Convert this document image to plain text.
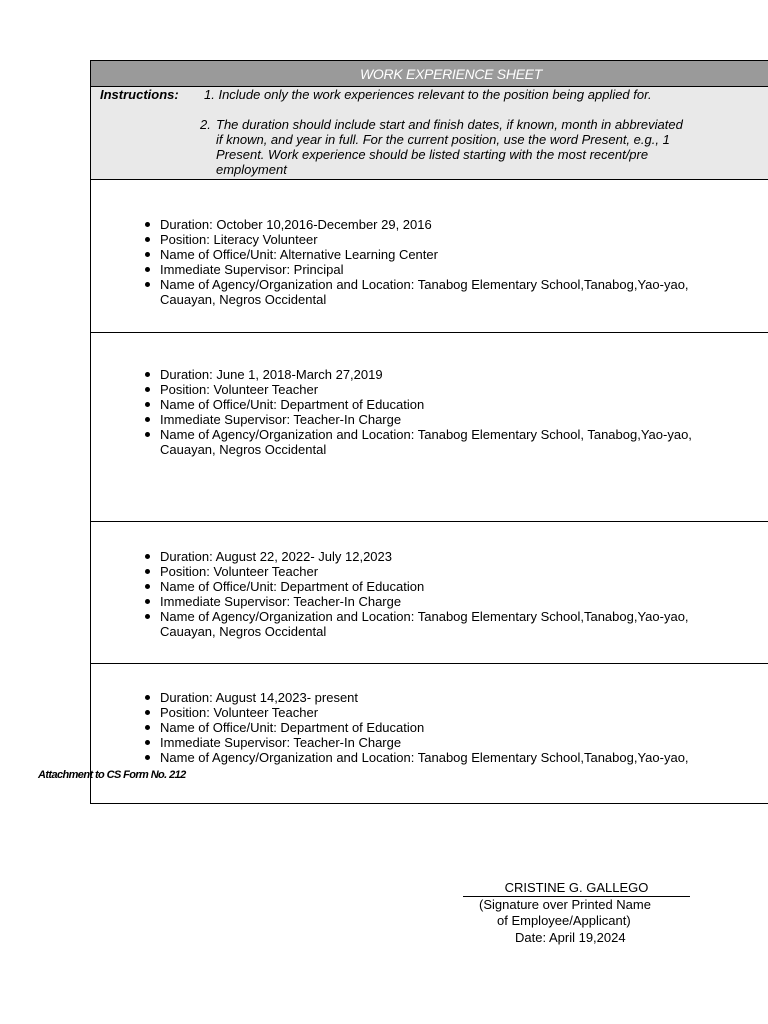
WORK EXPERIENCE SHEET
Instructions: 1. Include only the work experiences relevant to the position being applied for.
2. The duration should include start and finish dates, if known, month in abbreviated
if known, and year in full. For the current position, use the word Present, e.g., 1
Present. Work experience should be listed starting with the most recent/pre
employment
Duration: October 10,2016-December 29, 2016
Position: Literacy Volunteer
Name of Office/Unit: Alternative Learning Center
Immediate Supervisor: Principal
Name of Agency/Organization and Location: Tanabog Elementary School,Tanabog,Yao-yao,
Cauayan, Negros Occidental
Duration: June 1, 2018-March 27,2019
Position: Volunteer Teacher
Name of Office/Unit: Department of Education
Immediate Supervisor: Teacher-In Charge
Name of Agency/Organization and Location: Tanabog Elementary School, Tanabog,Yao-yao,
Cauayan, Negros Occidental
Duration: August 22, 2022- July 12,2023
Position: Volunteer Teacher
Name of Office/Unit: Department of Education
Immediate Supervisor: Teacher-In Charge
Name of Agency/Organization and Location: Tanabog Elementary School,Tanabog,Yao-yao,
Cauayan, Negros Occidental
Duration: August 14,2023- present
Position: Volunteer Teacher
Name of Office/Unit: Department of Education
Immediate Supervisor: Teacher-In Charge
Name of Agency/Organization and Location: Tanabog Elementary School,Tanabog,Yao-yao,
Attachment to CS Form No. 212
CRISTINE G. GALLEGO
(Signature over Printed Name
of Employee/Applicant)
Date: April 19,2024
